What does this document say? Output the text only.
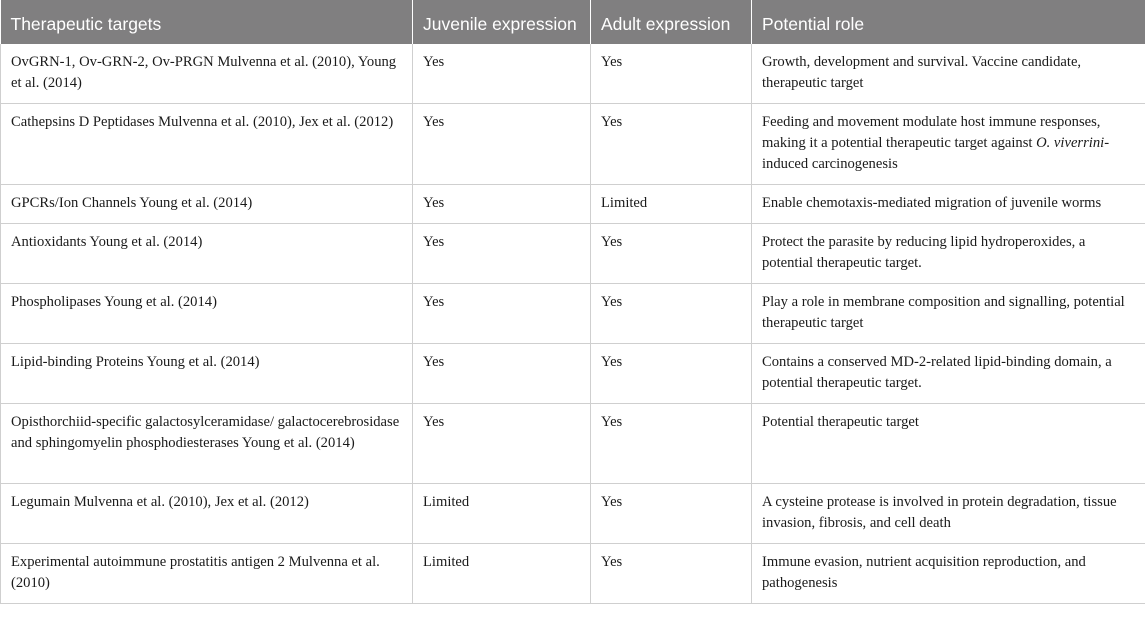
Therapeutic targets	Juvenile expression	Adult expression	Potential role
OvGRN-1, Ov-GRN-2, Ov-PRGN Mulvenna et al. (2010), Young et al. (2014)	Yes	Yes	Growth, development and survival. Vaccine candidate, therapeutic target
Cathepsins D Peptidases Mulvenna et al. (2010), Jex et al. (2012)	Yes	Yes	Feeding and movement modulate host immune responses, making it a potential therapeutic target against O. viverrini-induced carcinogenesis
GPCRs/Ion Channels Young et al. (2014)	Yes	Limited	Enable chemotaxis-mediated migration of juvenile worms
Antioxidants Young et al. (2014)	Yes	Yes	Protect the parasite by reducing lipid hydroperoxides, a potential therapeutic target.
Phospholipases Young et al. (2014)	Yes	Yes	Play a role in membrane composition and signalling, potential therapeutic target
Lipid-binding Proteins Young et al. (2014)	Yes	Yes	Contains a conserved MD-2-related lipid-binding domain, a potential therapeutic target.
Opisthorchiid-specific galactosylceramidase/ galactocerebrosidase and sphingomyelin phosphodiesterases Young et al. (2014)	Yes	Yes	Potential therapeutic target
Legumain Mulvenna et al. (2010), Jex et al. (2012)	Limited	Yes	A cysteine protease is involved in protein degradation, tissue invasion, fibrosis, and cell death
Experimental autoimmune prostatitis antigen 2 Mulvenna et al. (2010)	Limited	Yes	Immune evasion, nutrient acquisition reproduction, and pathogenesis
